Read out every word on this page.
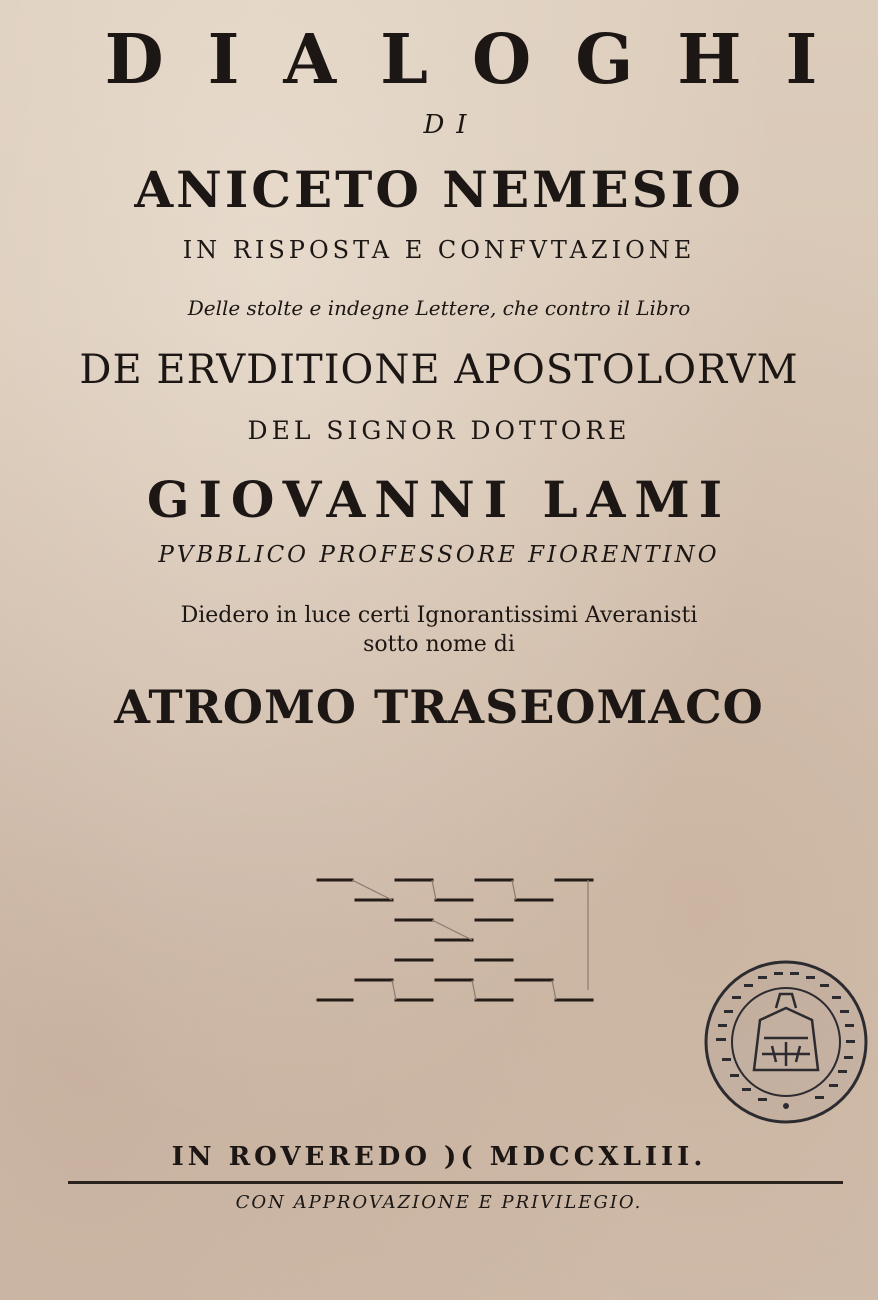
DIALOGHI
DI
ANICETO NEMESIO
IN RISPOSTA E CONFVTAZIONE
Delle stolte e indegne Lettere, che contro il Libro
DE ERVDITIONE APOSTOLORVM
DEL SIGNOR DOTTORE
GIOVANNI LAMI
PVBBLICO PROFESSORE FIORENTINO
Diedero in luce certi Ignorantissimi Averanisti
sotto nome di
ATROMO TRASEOMACO
IN ROVEREDO )( MDCCXLIII.
CON APPROVAZIONE E PRIVILEGIO.
